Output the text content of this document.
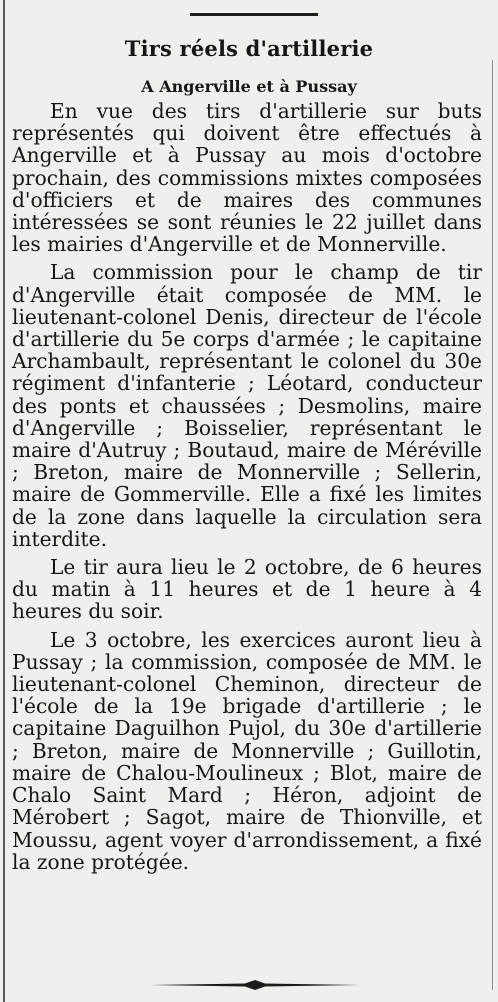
Tirs réels d'artillerie
A Angerville et à Pussay

En vue des tirs d'artillerie sur buts représentés qui doivent être effectués à Angerville et à Pussay au mois d'octobre prochain, des commissions mixtes composées d'officiers et de maires des communes intéressées se sont réunies le 22 juillet dans les mairies d'Angerville et de Monnerville.

La commission pour le champ de tir d'Angerville était composée de MM. le lieutenant-colonel Denis, directeur de l'école d'artillerie du 5e corps d'armée ; le capitaine Archambault, représentant le colonel du 30e régiment d'infanterie ; Léotard, conducteur des ponts et chaussées ; Desmolins, maire d'Angerville ; Boisselier, représentant le maire d'Autruy ; Boutaud, maire de Méréville ; Breton, maire de Monnerville ; Sellerin, maire de Gommerville. Elle a fixé les limites de la zone dans laquelle la circulation sera interdite.

Le tir aura lieu le 2 octobre, de 6 heures du matin à 11 heures et de 1 heure à 4 heures du soir.

Le 3 octobre, les exercices auront lieu à Pussay ; la commission, composée de MM. le lieutenant-colonel Cheminon, directeur de l'école de la 19e brigade d'artillerie ; le capitaine Daguilhon Pujol, du 30e d'artillerie ; Breton, maire de Monnerville ; Guillotin, maire de Chalou-Moulineux ; Blot, maire de Chalo Saint Mard ; Héron, adjoint de Mérobert ; Sagot, maire de Thionville, et Moussu, agent voyer d'arrondissement, a fixé la zone protégée.
